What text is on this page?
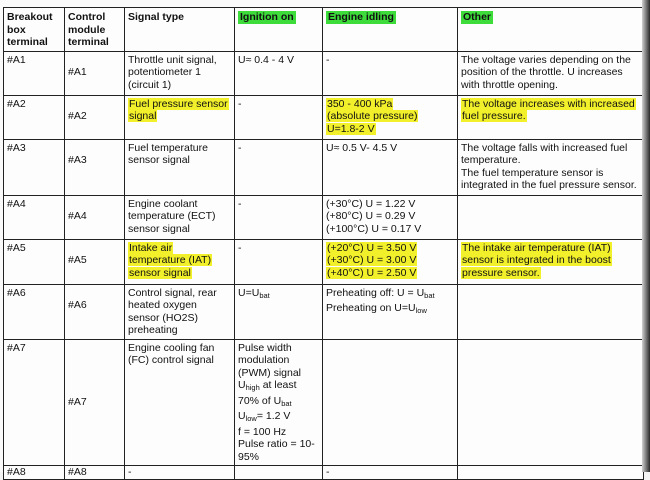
Breakout box terminal	Control module terminal	Signal type	Ignition on	Engine idling	Other
#A1	#A1	Throttle unit signal, potentiometer 1 (circuit 1)	U≈ 0.4 - 4 V	-	The voltage varies depending on the position of the throttle. U increases with throttle opening.
#A2	#A2	Fuel pressure sensor signal	-	350 - 400 kPa
(absolute pressure)
U=1.8-2 V	The voltage increases with increased fuel pressure.
#A3	#A3	Fuel temperature sensor signal	-	U≈ 0.5 V- 4.5 V	The voltage falls with increased fuel temperature.
The fuel temperature sensor is integrated in the fuel pressure sensor.

#A4	#A4	Engine coolant temperature (ECT) sensor signal	-	(+30°C) U = 1.22 V
(+80°C) U = 0.29 V
(+100°C) U = 0.17 V	

#A5	#A5	Intake air temperature (IAT) sensor signal	-	(+20°C) U = 3.50 V
(+30°C) U = 3.00 V
(+40°C) U = 2.50 V	The intake air temperature (IAT) sensor is integrated in the boost pressure sensor.
#A6	#A6	Control signal, rear heated oxygen sensor (HO2S) preheating	U=Ubat	Preheating off: U = Ubat
Preheating on U=Ulow	

#A7	#A7	Engine cooling fan (FC) control signal	Pulse width modulation (PWM) signal
Uhigh at least 70% of Ubat
Ulow= 1.2 V
f = 100 Hz
Pulse ratio = 10-95%		

#A8	#A8	-		-	
